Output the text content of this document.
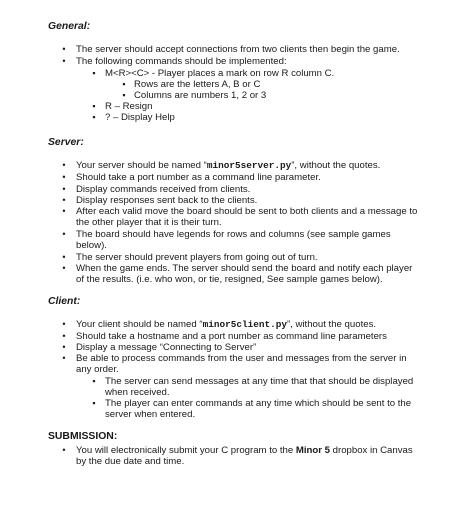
General:
• The server should accept connections from two clients then begin the game.
• The following commands should be implemented:
▪ M<R><C> - Player places a mark on row R column C.
▪ Rows are the letters A, B or C
▪ Columns are numbers 1, 2 or 3
▪ R – Resign
▪ ? – Display Help
Server:
• Your server should be named “minor5server.py”, without the quotes.
• Should take a port number as a command line parameter.
• Display commands received from clients.
• Display responses sent back to the clients.
• After each valid move the board should be sent to both clients and a message to
the other player that it is their turn.
• The board should have legends for rows and columns (see sample games
below).
• The server should prevent players from going out of turn.
• When the game ends. The server should send the board and notify each player
of the results. (i.e. who won, or tie, resigned, See sample games below).
Client:
• Your client should be named “minor5client.py”, without the quotes.
• Should take a hostname and a port number as command line parameters
• Display a message “Connecting to Server”
• Be able to process commands from the user and messages from the server in
any order.
▪ The server can send messages at any time that that should be displayed
when received.
▪ The player can enter commands at any time which should be sent to the
server when entered.
SUBMISSION:
• You will electronically submit your C program to the Minor 5 dropbox in Canvas
by the due date and time.
